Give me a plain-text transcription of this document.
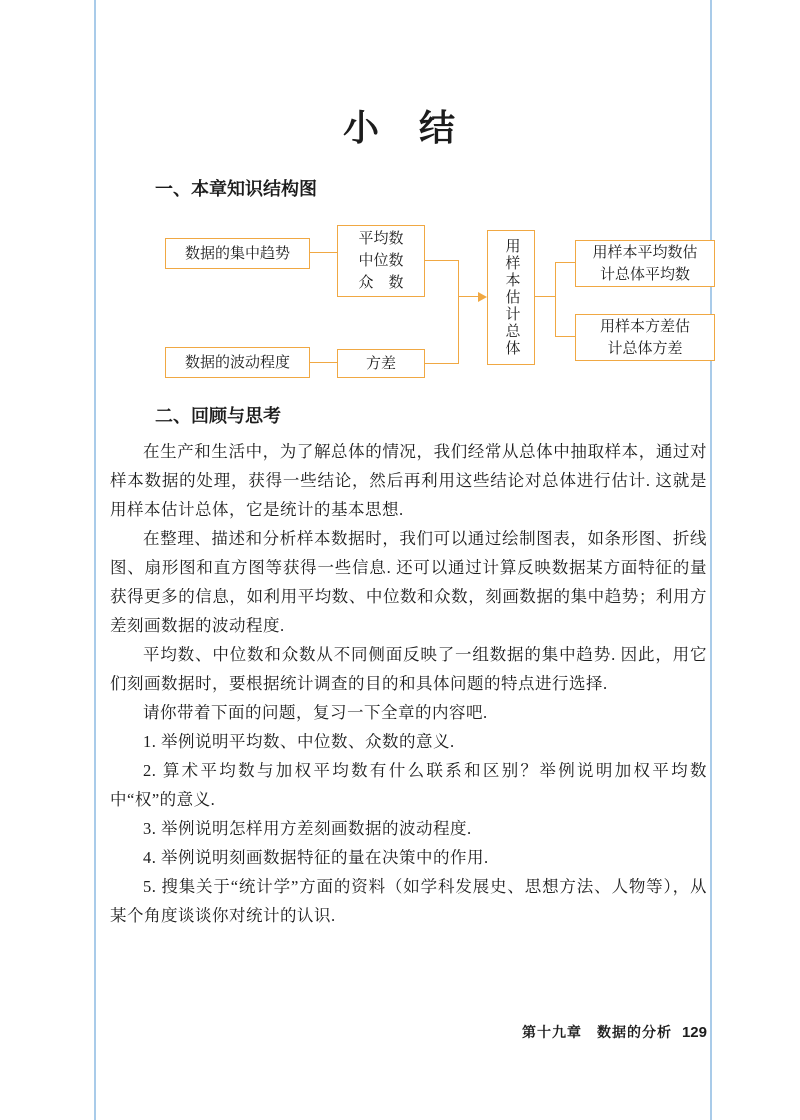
小　结
一、本章知识结构图
数据的集中趋势
平均数
中位数
众　数
数据的波动程度	方差
用样本估计总体	用样本平均数估
计总体平均数
用样本方差估
计总体方差
二、回顾与思考

在生产和生活中，为了解总体的情况，我们经常从总体中抽取样本，通过对样本数据的处理，获得一些结论，然后再利用这些结论对总体进行估计. 这就是用样本估计总体，它是统计的基本思想.

在整理、描述和分析样本数据时，我们可以通过绘制图表，如条形图、折线图、扇形图和直方图等获得一些信息. 还可以通过计算反映数据某方面特征的量获得更多的信息，如利用平均数、中位数和众数，刻画数据的集中趋势；利用方差刻画数据的波动程度.

平均数、中位数和众数从不同侧面反映了一组数据的集中趋势. 因此，用它们刻画数据时，要根据统计调查的目的和具体问题的特点进行选择.

请你带着下面的问题，复习一下全章的内容吧.

1. 举例说明平均数、中位数、众数的意义.

2. 算术平均数与加权平均数有什么联系和区别？举例说明加权平均数中“权”的意义.

3. 举例说明怎样用方差刻画数据的波动程度.

4. 举例说明刻画数据特征的量在决策中的作用.

5. 搜集关于“统计学”方面的资料（如学科发展史、思想方法、人物等），从某个角度谈谈你对统计的认识.

第十九章　数据的分析 129
